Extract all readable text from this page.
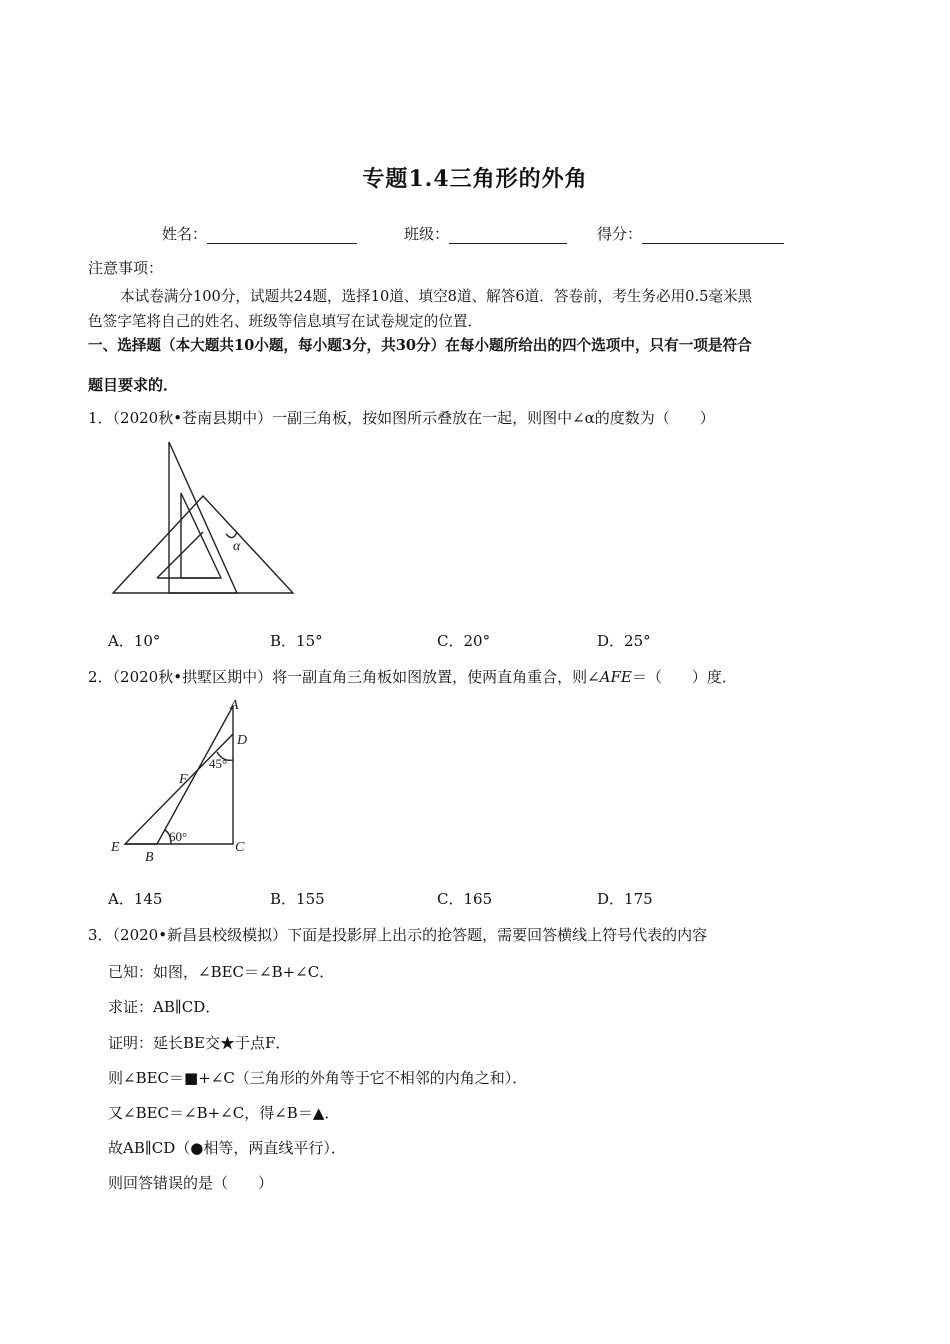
专题1.4三角形的外角
姓名：	班级：	得分：
注意事项：
本试卷满分100分，试题共24题，选择10道、填空8道、解答6道．答卷前，考生务必用0.5毫米黑
色签字笔将自己的姓名、班级等信息填写在试卷规定的位置．
一、选择题（本大题共10小题，每小题3分，共30分）在每小题所给出的四个选项中，只有一项是符合
题目要求的．
1．（2020秋•苍南县期中）一副三角板，按如图所示叠放在一起，则图中∠α的度数为（　　）
α
A．10°	B．15°	C．20°	D．25°
2．（2020秋•拱墅区期中）将一副直角三角板如图放置，使两直角重合，则∠AFE＝（　　）度．
A
D
F
45°
60°
E
B
C
A．145	B．155	C．165	D．175
3．（2020•新昌县校级模拟）下面是投影屏上出示的抢答题，需要回答横线上符号代表的内容
已知：如图，∠BEC＝∠B+∠C．
求证：AB∥CD．
证明：延长BE交★于点F．
则∠BEC＝■+∠C（三角形的外角等于它不相邻的内角之和）．
又∠BEC＝∠B+∠C，得∠B＝▲．
故AB∥CD（●相等，两直线平行）．
则回答错误的是（　　）
